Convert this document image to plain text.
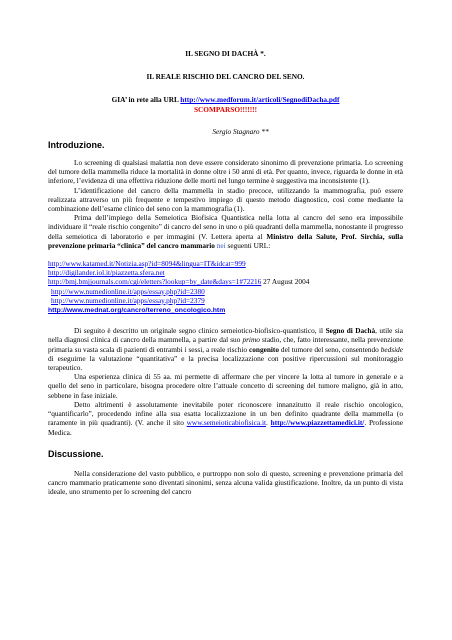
IL SEGNO DI DACHÀ *.
IL REALE RISCHIO DEL CANCRO DEL SENO.
GIA’ in rete alla URL http://www.medforum.it/articoli/SegnodiDacha.pdf
SCOMPARSO!!!!!!!
Sergio Stagnaro **
Introduzione.

Lo screening di qualsiasi malattia non deve essere considerato sinonimo di prevenzione primaria. Lo screening del tumore della mammella riduce la mortalità in donne oltre i 50 anni di età. Per quanto, invece, riguarda le donne in età inferiore, l’evidenza di una effettiva riduzione delle morti nel lungo termine è suggestiva ma inconsistente (1).

L’identificazione del cancro della mammella in stadio precoce, utilizzando la mammografia, può essere realizzata attraverso un più frequente e tempestivo impiego di questo metodo diagnostico, così come mediante la combinazione dell’esame clinico del seno con la mammografia (1).

Prima dell’impiego della Semeiotica Biofisica Quantistica nella lotta al cancro del seno era impossibile individuare il “reale rischio congenito” di cancro del seno in uno o più quadranti della mammella, nonostante il progresso della semeiotica di laboratorio e per immagini (V. Lettera aperta al Ministro della Salute, Prof. Sirchia, sulla prevenzione primaria “clinica” del cancro mammario nei seguenti URL:

http://www.katamed.it/Notizia.asp?id=8094&lingua=IT&idcat=999
http://digilander.iol.it/piazzetta.sfera.net
http://bmj.bmjjournals.com/cgi/eletters?lookup=by_date&days=1#72216 27 August 2004
http://www.numedionline.it/apps/essay.php?id=2380
http://www.numedionline.it/apps/essay.php?id=2379
http://www.mednat.org/cancro/terreno_oncologico.htm

Di seguito è descritto un originale segno clinico semeiotico-biofisico-quantistico, il Segno di Dachà, utile sia nella diagnosi clinica di cancro della mammella, a partire dal suo primo stadio, che, fatto interessante, nella prevenzione primaria su vasta scala di pazienti di entrambi i sessi, a reale rischio congenito del tumore del seno, consentendo bedside di eseguirne la valutazione “quantitativa” e la precisa localizzazione con positive ripercussioni sul monitoraggio terapeutico.

Una esperienza clinica di 55 aa. mi permette di affermare che per vincere la lotta al tumore in generale e a quello del seno in particolare, bisogna procedere oltre l’attuale concetto di screening del tumore maligno, già in atto, sebbene in fase iniziale.

Detto altrimenti è assolutamente inevitabile poter riconoscere innanzitutto il reale rischio oncologico, “quantificarlo”, procedendo infine alla sua esatta localizzazione in un ben definito quadrante della mammella (o raramente in più quadranti). (V. anche il sito www.semeioticabiofisica.it. http://www.piazzettamedici.it/. Professione Medica.

Discussione.

Nella considerazione del vasto pubblico, e purtroppo non solo di questo, screening e prevenzione primaria del cancro mammario praticamente sono diventati sinonimi, senza alcuna valida giustificazione. Inoltre, da un punto di vista ideale, uno strumento per lo screening del cancro
